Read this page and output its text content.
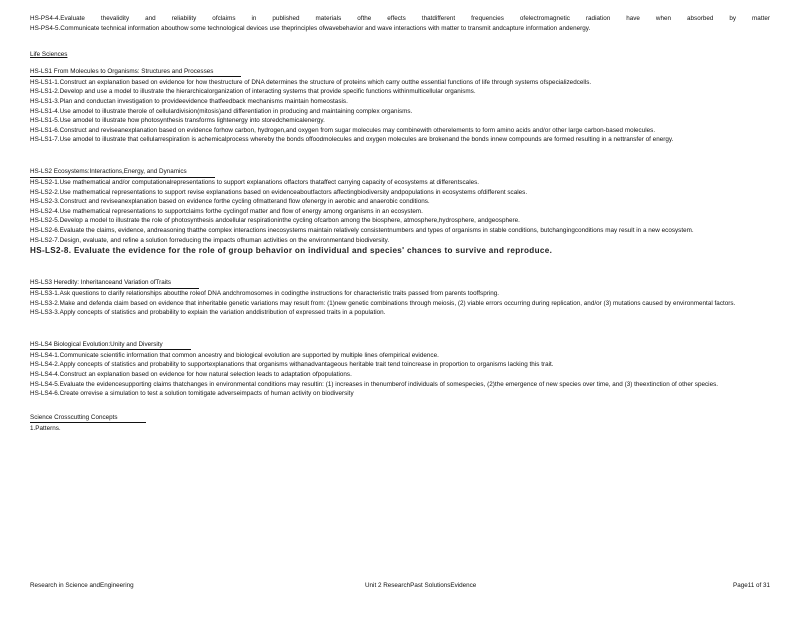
HS-PS4-4.Evaluate thevalidity and reliability ofclaims in published materials ofthe effects thatdifferent frequencies ofelectromagnetic radiation have when absorbed by matter
HS-PS4-5.Communicate technical information abouthow some technological devices use theprinciples ofwavebehavior and wave interactions with matter to transmit andcapture information andenergy.
Life Sciences
HS-LS1 From Molecules to Organisms: Structures and Processes
HS-LS1-1.Construct an explanation based on evidence for how thestructure of DNA determines the structure of proteins which carry outthe essential functions of life through systems ofspecializedcells.
HS-LS1-2.Develop and use a model to illustrate the hierarchicalorganization of interacting systems that provide specific functions withinmulticellular organisms.
HS-LS1-3.Plan and conductan investigation to provideevidence thatfeedback mechanisms maintain homeostasis.
HS-LS1-4.Use amodel to illustrate therole of cellulardivision(mitosis)and differentiation in producing and maintaining complex organisms.
HS-LS1-5.Use amodel to illustrate how photosynthesis transforms lightenergy into storedchemicalenergy.
HS-LS1-6.Construct and reviseanexplanation based on evidence forhow carbon, hydrogen,and oxygen from sugar molecules may combinewith otherelements to form amino acids and/or other large carbon-based molecules.
HS-LS1-7.Use amodel to illustrate that cellularrespiration is achemicalprocess whereby the bonds offoodmolecules and oxygen molecules are brokenand the bonds innew compounds are formed resulting in a nettransfer of energy.
HS-LS2 Ecosystems:Interactions,Energy, and Dynamics
HS-LS2-1.Use mathematical and/or computationalrepresentations to support explanations offactors thataffect carrying capacity of ecosystems at differentscales.
HS-LS2-2.Use mathematical representations to support revise explanations based on evidenceaboutfactors affectingbiodiversity andpopulations in ecosystems ofdifferent scales.
HS-LS2-3.Construct and reviseanexplanation based on evidence forthe cycling ofmatterand flow ofenergy in aerobic and anaerobic conditions.
HS-LS2-4.Use mathematical representations to supportclaims forthe cyclingof matter and flow of energy among organisms in an ecosystem.
HS-LS2-5.Develop a model to illustrate the role of photosynthesis andcellular respirationinthe cycling ofcarbon among the biosphere, atmosphere,hydrosphere, andgeosphere.
HS-LS2-6.Evaluate the claims, evidence, andreasoning thatthe complex interactions inecosystems maintain relatively consistentnumbers and types of organisms in stable conditions, butchangingconditions may result in a new ecosystem.
HS-LS2-7.Design, evaluate, and refine a solution forreducing the impacts ofhuman activities on the environmentand biodiversity.
HS-LS2-8. Evaluate the evidence for the role of group behavior on individual and species' chances to survive and reproduce.
HS-LS3 Heredity: Inheritanceand Variation ofTraits
HS-LS3-1.Ask questions to clarify relationships aboutthe roleof DNA andchromosomes in codingthe instructions for characteristic traits passed from parents tooffspring.
HS-LS3-2.Make and defenda claim based on evidence that inheritable genetic variations may result from: (1)new genetic combinations through meiosis, (2) viable errors occurring during replication, and/or (3) mutations caused by environmental factors.
HS-LS3-3.Apply concepts of statistics and probability to explain the variation anddistribution of expressed traits in a population.
HS-LS4 Biological Evolution:Unity and Diversity
HS-LS4-1.Communicate scientific information that common ancestry and biological evolution are supported by multiple lines ofempirical evidence.
HS-LS4-2.Apply concepts of statistics and probability to supportexplanations that organisms withanadvantageous heritable trait tend toincrease in proportion to organisms lacking this trait.
HS-LS4-4.Construct an explanation based on evidence for how natural selection leads to adaptation ofpopulations.
HS-LS4-5.Evaluate the evidencesupporting claims thatchanges in environmental conditions may resultin: (1) increases in thenumberof individuals of somespecies, (2)the emergence of new species over time, and (3) theextinction of other species.
HS-LS4-6.Create orrevise a simulation to test a solution tomitigate adverseimpacts of human activity on biodiversity
Science Crosscutting Concepts
1.Patterns.
Research in Science andEngineering	Unit 2 ResearchPast SolutionsEvidence	Page11 of 31
